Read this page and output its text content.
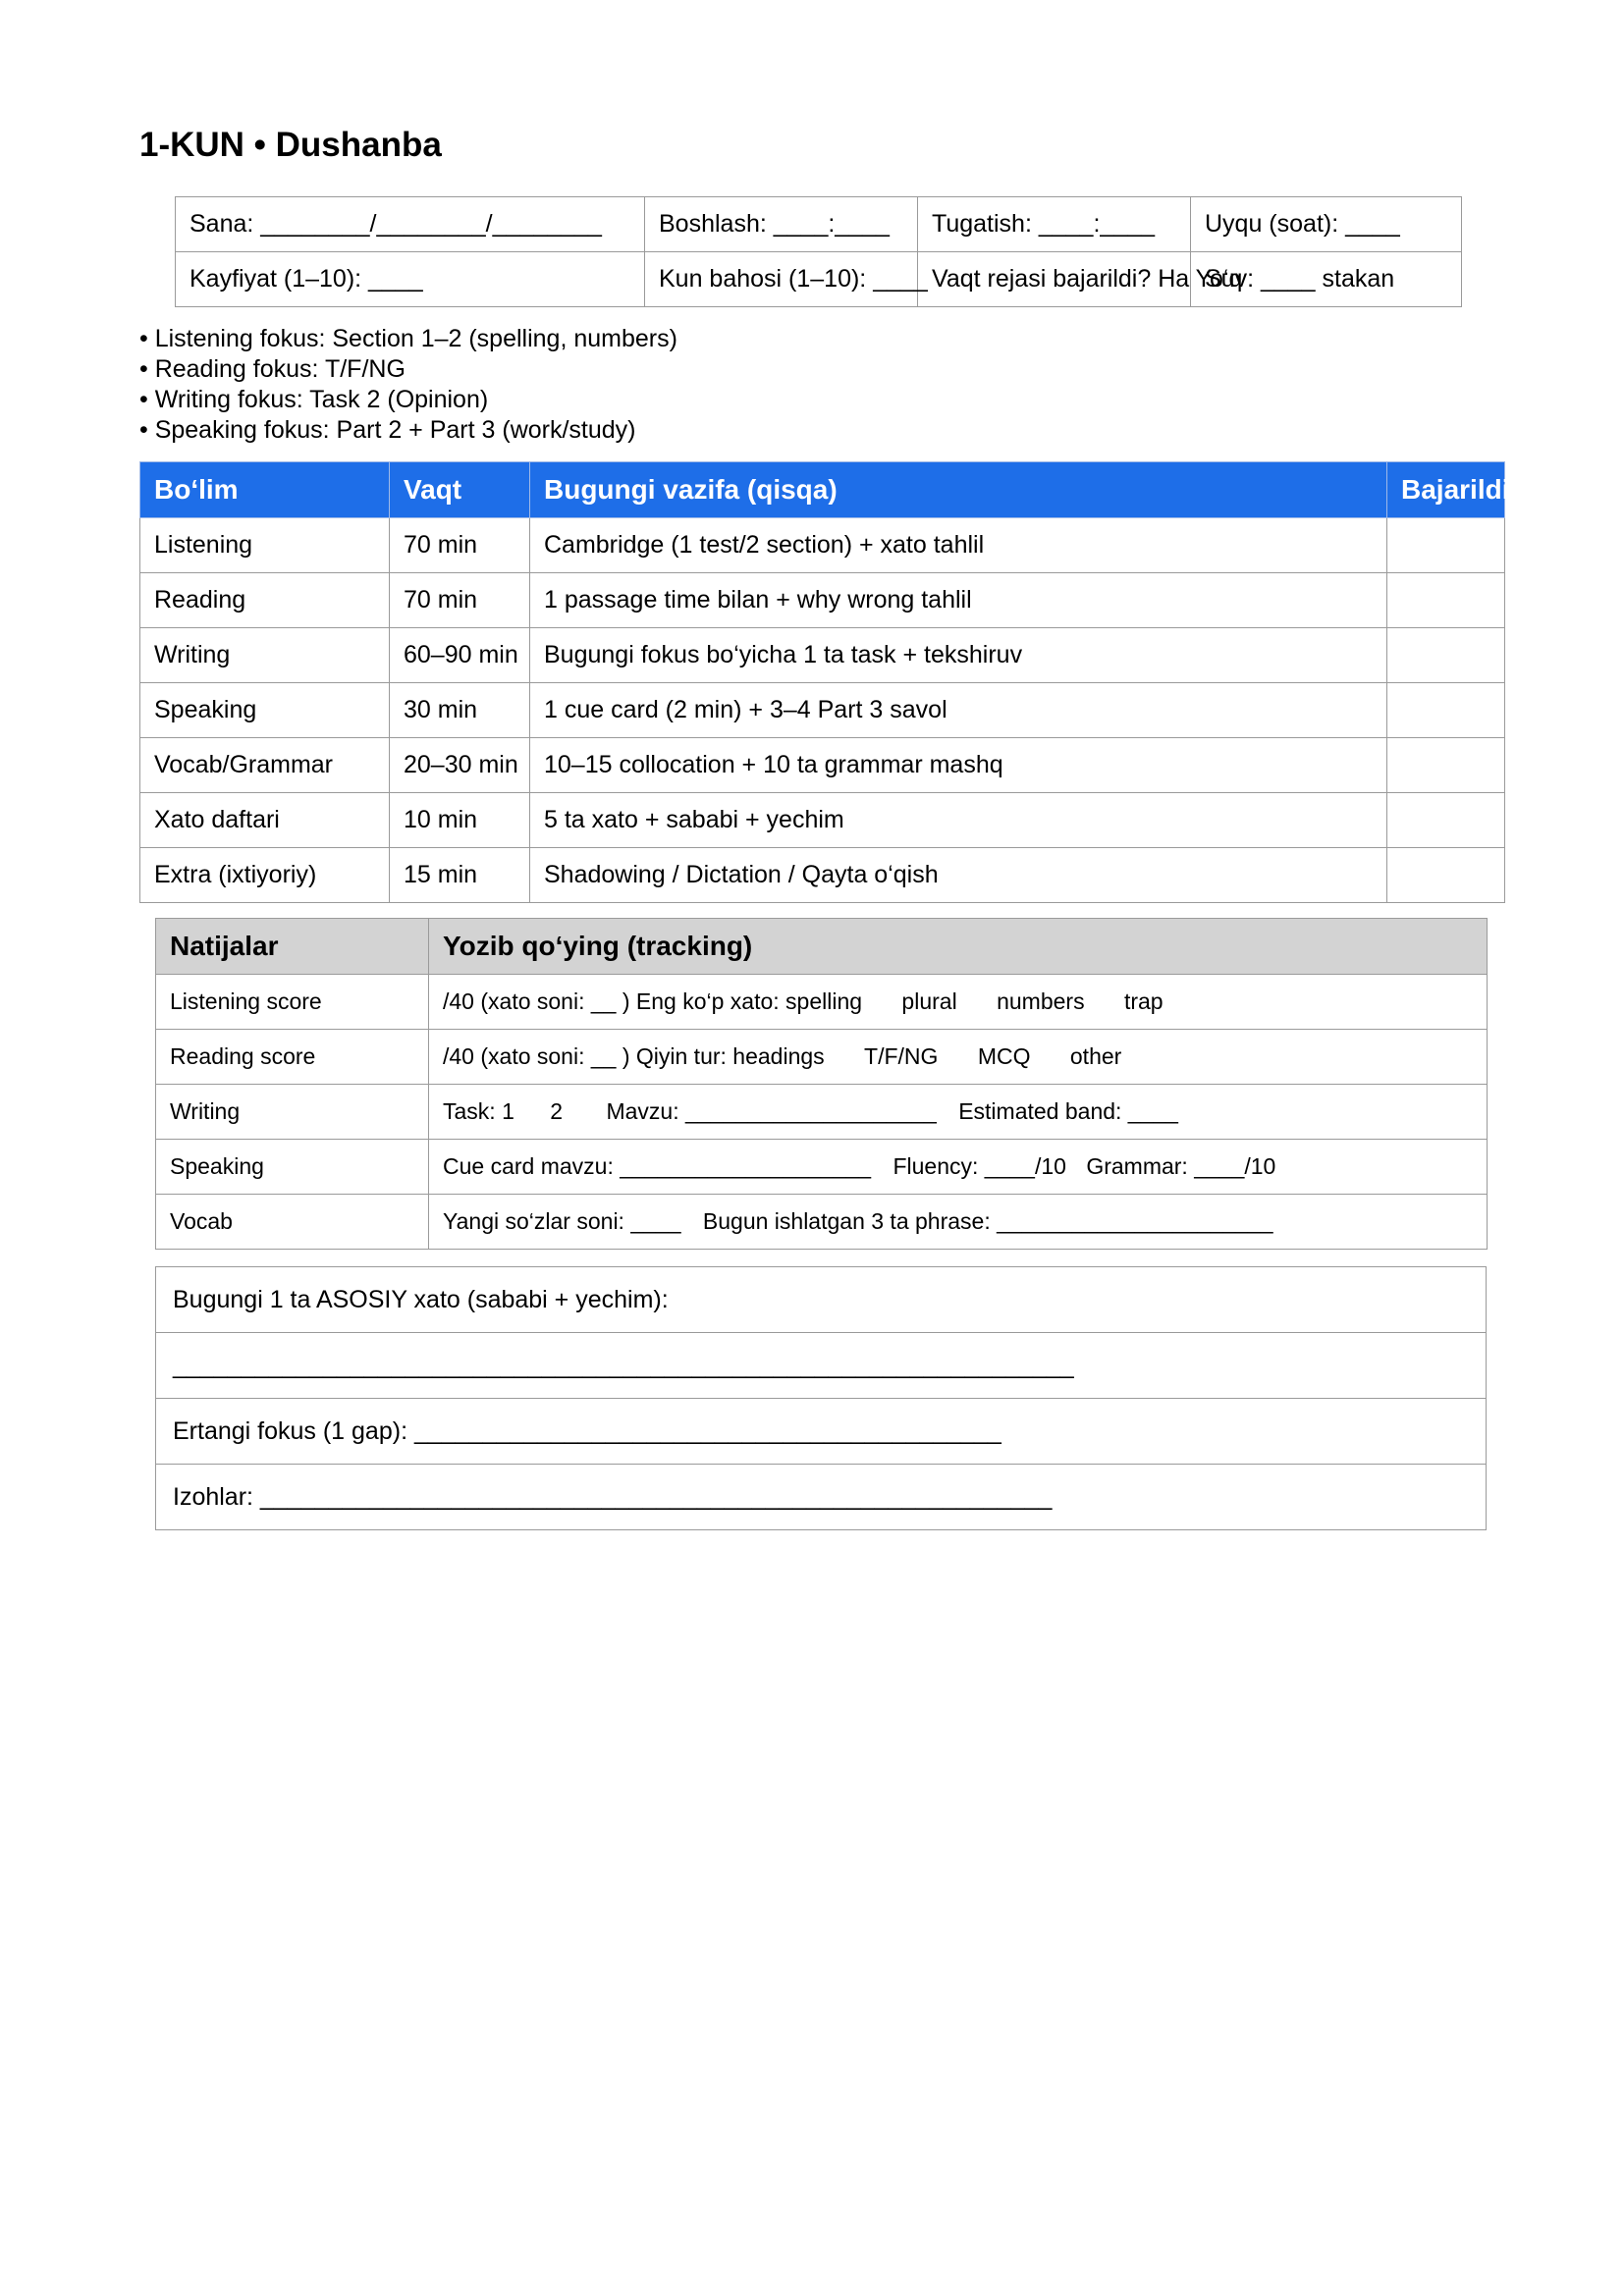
1-KUN • Dushanba
Sana: ________/________/________	Boshlash: ____:____	Tugatish: ____:____	Uyqu (soat): ____
Kayfiyat (1–10): ____	Kun bahosi (1–10): ____	Vaqt rejasi bajarildi? Ha Yo‘q	Suv: ____ stakan
• Listening fokus: Section 1–2 (spelling, numbers)
• Reading fokus: T/F/NG
• Writing fokus: Task 2 (Opinion)
• Speaking fokus: Part 2 + Part 3 (work/study)
Bo‘lim	Vaqt	Bugungi vazifa (qisqa)	Bajarildi
Listening	70 min	Cambridge (1 test/2 section) + xato tahlil	
Reading	70 min	1 passage time bilan + why wrong tahlil	
Writing	60–90 min	Bugungi fokus bo‘yicha 1 ta task + tekshiruv	
Speaking	30 min	1 cue card (2 min) + 3–4 Part 3 savol	
Vocab/Grammar	20–30 min	10–15 collocation + 10 ta grammar mashq	
Xato daftari	10 min	5 ta xato + sababi + yechim	
Extra (ixtiyoriy)	15 min	Shadowing / Dictation / Qayta o‘qish	
Natijalar	Yozib qo‘ying (tracking)
Listening score	/40 (xato soni: __ ) Eng ko‘p xato: spelling plural numbers trap
Reading score	/40 (xato soni: __ ) Qiyin tur: headings T/F/NG MCQ other
Writing	Task: 1 2 Mavzu: ____________________ Estimated band: ____
Speaking	Cue card mavzu: ____________________ Fluency: ____/10 Grammar: ____/10
Vocab	Yangi so‘zlar soni: ____ Bugun ishlatgan 3 ta phrase: ______________________
Bugungi 1 ta ASOSIY xato (sababi + yechim):
__________________________________________________________________
Ertangi fokus (1 gap): ___________________________________________
Izohlar: __________________________________________________________
